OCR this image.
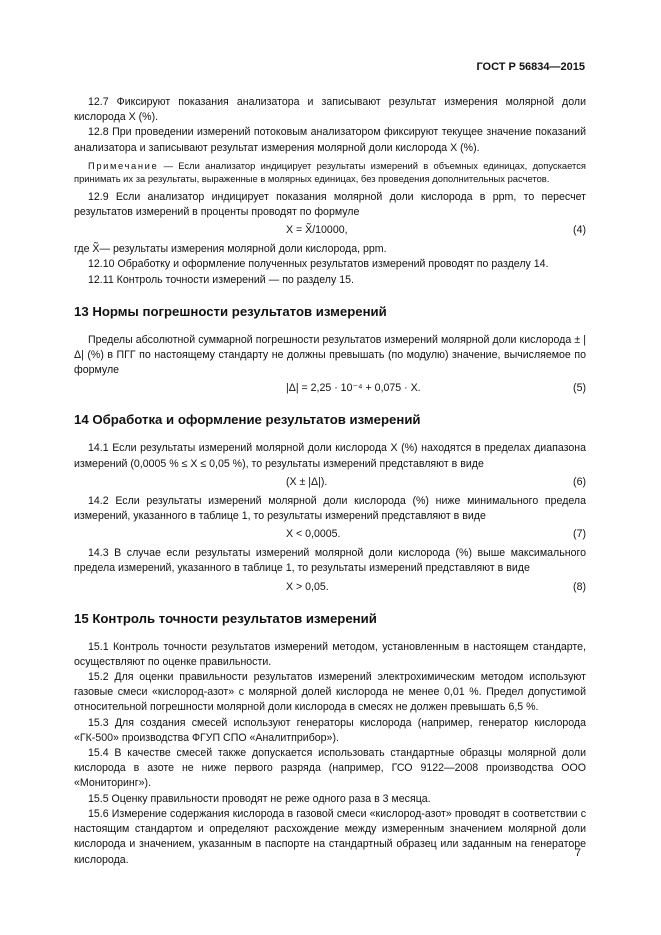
ГОСТ Р 56834—2015

12.7 Фиксируют показания анализатора и записывают результат измерения молярной доли кислорода X (%).

12.8 При проведении измерений потоковым анализатором фиксируют текущее значение показаний анализатора и записывают результат измерения молярной доли кислорода X (%).

Примечание — Если анализатор индицирует результаты измерений в объемных единицах, допускается принимать их за результаты, выраженные в молярных единицах, без проведения дополнительных расчетов.

12.9 Если анализатор индицирует показания молярной доли кислорода в ppm, то пересчет результатов измерений в проценты проводят по формуле

X = X̃/10000,	(4)

где X̃— результаты измерения молярной доли кислорода, ppm.

12.10 Обработку и оформление полученных результатов измерений проводят по разделу 14.

12.11 Контроль точности измерений — по разделу 15.

13 Нормы погрешности результатов измерений

Пределы абсолютной суммарной погрешности результатов измерений молярной доли кислорода ± |Δ| (%) в ПГГ по настоящему стандарту не должны превышать (по модулю) значение, вычисляемое по формуле

|Δ| = 2,25 · 10⁻⁴ + 0,075 · X.	(5)
14 Обработка и оформление результатов измерений

14.1 Если результаты измерений молярной доли кислорода X (%) находятся в пределах диапазона измерений (0,0005 % ≤ X ≤ 0,05 %), то результаты измерений представляют в виде

(X ± |Δ|).	(6)

14.2 Если результаты измерений молярной доли кислорода (%) ниже минимального предела измерений, указанного в таблице 1, то результаты измерений представляют в виде

X < 0,0005.	(7)

14.3 В случае если результаты измерений молярной доли кислорода (%) выше максимального предела измерений, указанного в таблице 1, то результаты измерений представляют в виде

X > 0,05.	(8)
15 Контроль точности результатов измерений

15.1 Контроль точности результатов измерений методом, установленным в настоящем стандарте, осуществляют по оценке правильности.

15.2 Для оценки правильности результатов измерений электрохимическим методом используют газовые смеси «кислород-азот» с молярной долей кислорода не менее 0,01 %. Предел допустимой относительной погрешности молярной доли кислорода в смесях не должен превышать 6,5 %.

15.3 Для создания смесей используют генераторы кислорода (например, генератор кислорода «ГК-500» производства ФГУП СПО «Аналитприбор»).

15.4 В качестве смесей также допускается использовать стандартные образцы молярной доли кислорода в азоте не ниже первого разряда (например, ГСО 9122—2008 производства ООО «Мониторинг»).

15.5 Оценку правильности проводят не реже одного раза в 3 месяца.

15.6 Измерение содержания кислорода в газовой смеси «кислород-азот» проводят в соответствии с настоящим стандартом и определяют расхождение между измеренным значением молярной доли кислорода и значением, указанным в паспорте на стандартный образец или заданным на генераторе кислорода.

7
